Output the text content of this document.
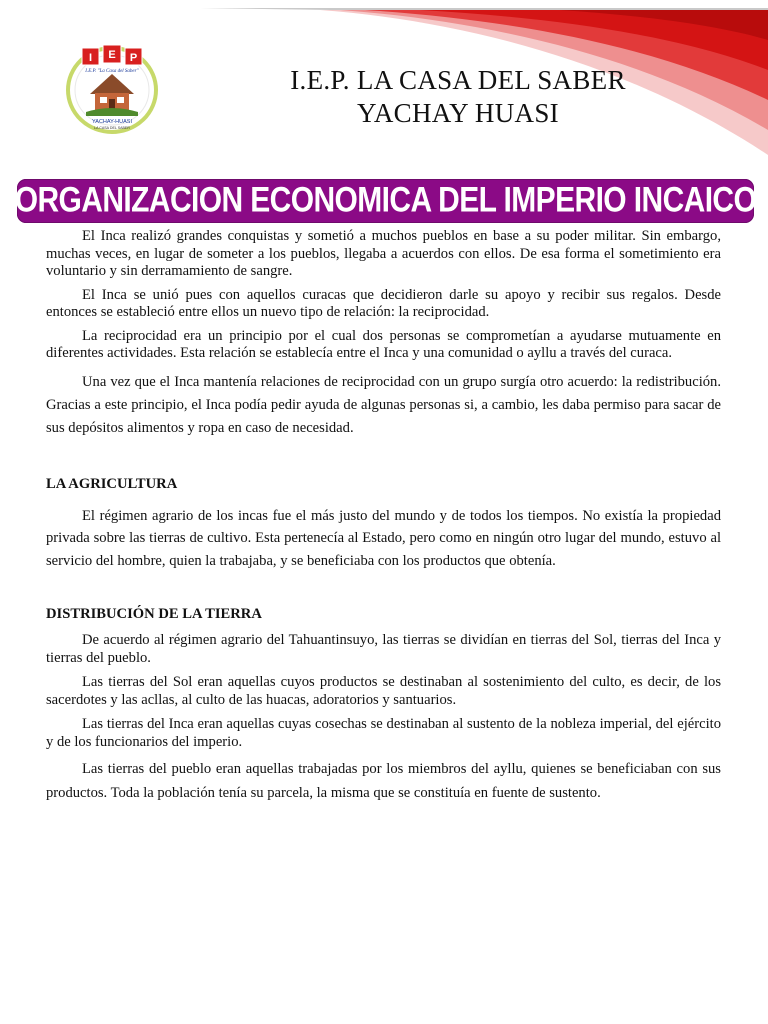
I E P
I.E.P. "La Casa del Saber"
YACHAY-HUASI
LA CASA DEL SABER
I.E.P. LA CASA DEL SABER
YACHAY HUASI
ORGANIZACION ECONOMICA DEL IMPERIO INCAICO

El Inca realizó grandes conquistas y sometió a muchos pueblos en base a su poder militar. Sin embargo, muchas veces, en lugar de someter a los pueblos, llegaba a acuerdos con ellos. De esa forma el sometimiento era voluntario y sin derramamiento de sangre.

El Inca se unió pues con aquellos curacas que decidieron darle su apoyo y recibir sus regalos. Desde entonces se estableció entre ellos un nuevo tipo de relación: la reciprocidad.

La reciprocidad era un principio por el cual dos personas se comprometían a ayudarse mutuamente en diferentes actividades. Esta relación se establecía entre el Inca y una comunidad o ayllu a través del curaca.

Una vez que el Inca mantenía relaciones de reciprocidad con un grupo surgía otro acuerdo: la redistribución. Gracias a este principio, el Inca podía pedir ayuda de algunas personas si, a cambio, les daba permiso para sacar de sus depósitos alimentos y ropa en caso de necesidad.

LA AGRICULTURA

El régimen agrario de los incas fue el más justo del mundo y de todos los tiempos. No existía la propiedad privada sobre las tierras de cultivo. Esta pertenecía al Estado, pero como en ningún otro lugar del mundo, estuvo al servicio del hombre, quien la trabajaba, y se beneficiaba con los productos que obtenía.

DISTRIBUCIÓN DE LA TIERRA

De acuerdo al régimen agrario del Tahuantinsuyo, las tierras se dividían en tierras del Sol, tierras del Inca y tierras del pueblo.

Las tierras del Sol eran aquellas cuyos productos se destinaban al sostenimiento del culto, es decir, de los sacerdotes y las acllas, al culto de las huacas, adoratorios y santuarios.

Las tierras del Inca eran aquellas cuyas cosechas se destinaban al sustento de la nobleza imperial, del ejército y de los funcionarios del imperio.

Las tierras del pueblo eran aquellas trabajadas por los miembros del ayllu, quienes se beneficiaban con sus productos. Toda la población tenía su parcela, la misma que se constituía en fuente de sustento.
